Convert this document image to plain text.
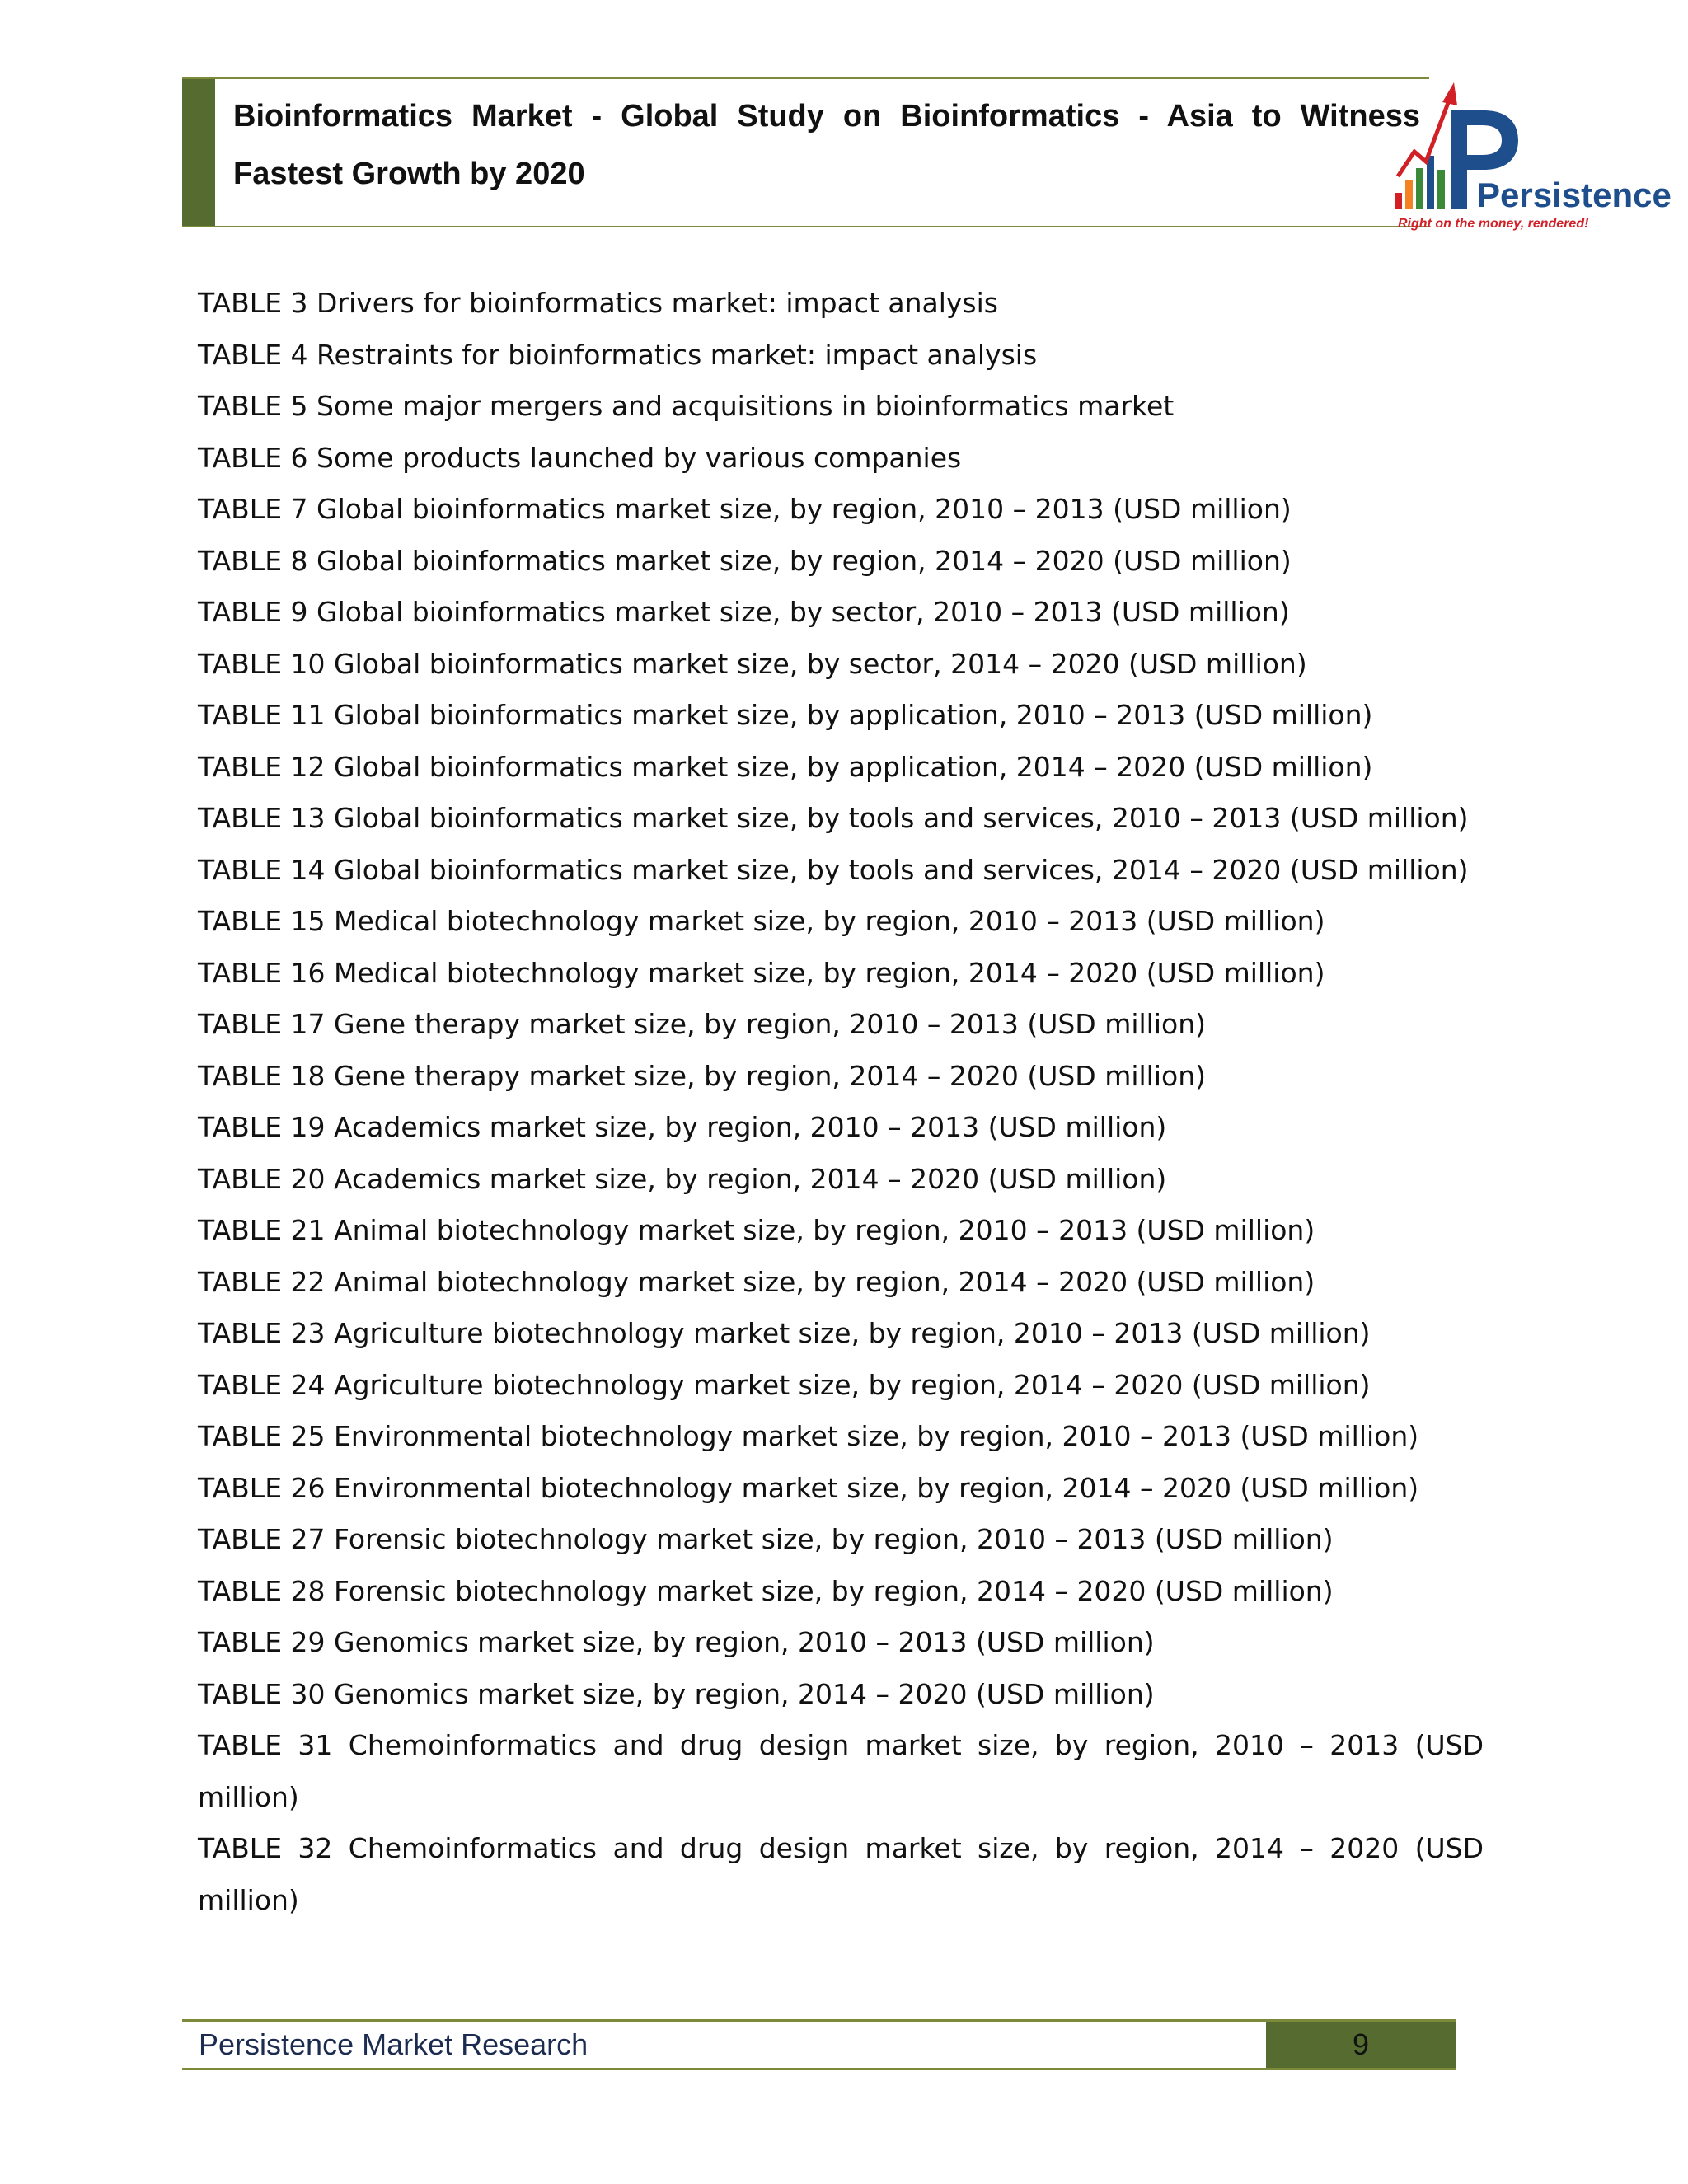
Bioinformatics Market - Global Study on Bioinformatics - Asia to Witness Fastest Growth by 2020
Persistence
Right on the money, rendered!

TABLE 3 Drivers for bioinformatics market: impact analysis

TABLE 4 Restraints for bioinformatics market: impact analysis

TABLE 5 Some major mergers and acquisitions in bioinformatics market

TABLE 6 Some products launched by various companies

TABLE 7 Global bioinformatics market size, by region, 2010 – 2013 (USD million)

TABLE 8 Global bioinformatics market size, by region, 2014 – 2020 (USD million)

TABLE 9 Global bioinformatics market size, by sector, 2010 – 2013 (USD million)

TABLE 10 Global bioinformatics market size, by sector, 2014 – 2020 (USD million)

TABLE 11 Global bioinformatics market size, by application, 2010 – 2013 (USD million)

TABLE 12 Global bioinformatics market size, by application, 2014 – 2020 (USD million)

TABLE 13 Global bioinformatics market size, by tools and services, 2010 – 2013 (USD million)

TABLE 14 Global bioinformatics market size, by tools and services, 2014 – 2020 (USD million)

TABLE 15 Medical biotechnology market size, by region, 2010 – 2013 (USD million)

TABLE 16 Medical biotechnology market size, by region, 2014 – 2020 (USD million)

TABLE 17 Gene therapy market size, by region, 2010 – 2013 (USD million)

TABLE 18 Gene therapy market size, by region, 2014 – 2020 (USD million)

TABLE 19 Academics market size, by region, 2010 – 2013 (USD million)

TABLE 20 Academics market size, by region, 2014 – 2020 (USD million)

TABLE 21 Animal biotechnology market size, by region, 2010 – 2013 (USD million)

TABLE 22 Animal biotechnology market size, by region, 2014 – 2020 (USD million)

TABLE 23 Agriculture biotechnology market size, by region, 2010 – 2013 (USD million)

TABLE 24 Agriculture biotechnology market size, by region, 2014 – 2020 (USD million)

TABLE 25 Environmental biotechnology market size, by region, 2010 – 2013 (USD million)

TABLE 26 Environmental biotechnology market size, by region, 2014 – 2020 (USD million)

TABLE 27 Forensic biotechnology market size, by region, 2010 – 2013 (USD million)

TABLE 28 Forensic biotechnology market size, by region, 2014 – 2020 (USD million)

TABLE 29 Genomics market size, by region, 2010 – 2013 (USD million)

TABLE 30 Genomics market size, by region, 2014 – 2020 (USD million)

TABLE 31 Chemoinformatics and drug design market size, by region, 2010 – 2013 (USD million)

TABLE 32 Chemoinformatics and drug design market size, by region, 2014 – 2020 (USD million)

Persistence Market Research	9
